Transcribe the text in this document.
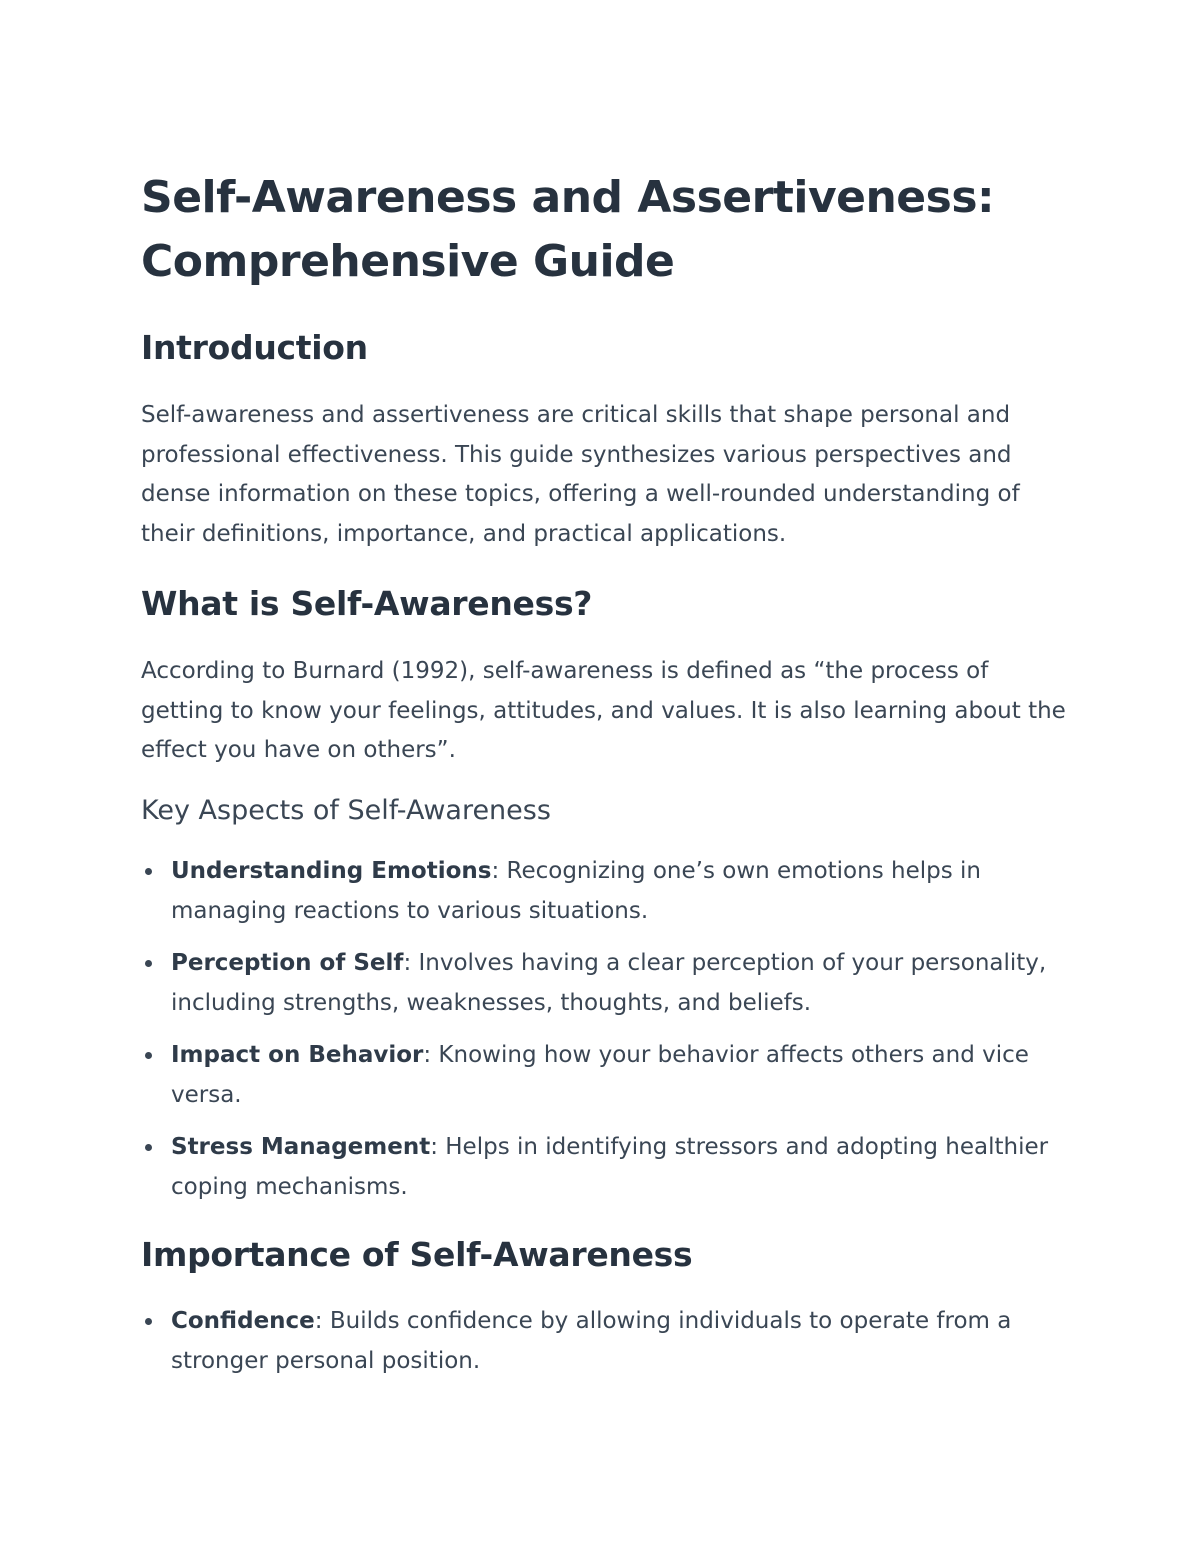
Self-Awareness and Assertiveness: Comprehensive Guide
Introduction

Self-awareness and assertiveness are critical skills that shape personal and professional effectiveness. This guide synthesizes various perspectives and dense information on these topics, offering a well-rounded understanding of their definitions, importance, and practical applications.

What is Self-Awareness?

According to Burnard (1992), self-awareness is defined as “the process of getting to know your feelings, attitudes, and values. It is also learning about the effect you have on others”.

Key Aspects of Self-Awareness
Understanding Emotions: Recognizing one’s own emotions helps in managing reactions to various situations.
Perception of Self: Involves having a clear perception of your personality, including strengths, weaknesses, thoughts, and beliefs.
Impact on Behavior: Knowing how your behavior affects others and vice versa.
Stress Management: Helps in identifying stressors and adopting healthier coping mechanisms.
Importance of Self-Awareness
Confidence: Builds confidence by allowing individuals to operate from a stronger personal position.
